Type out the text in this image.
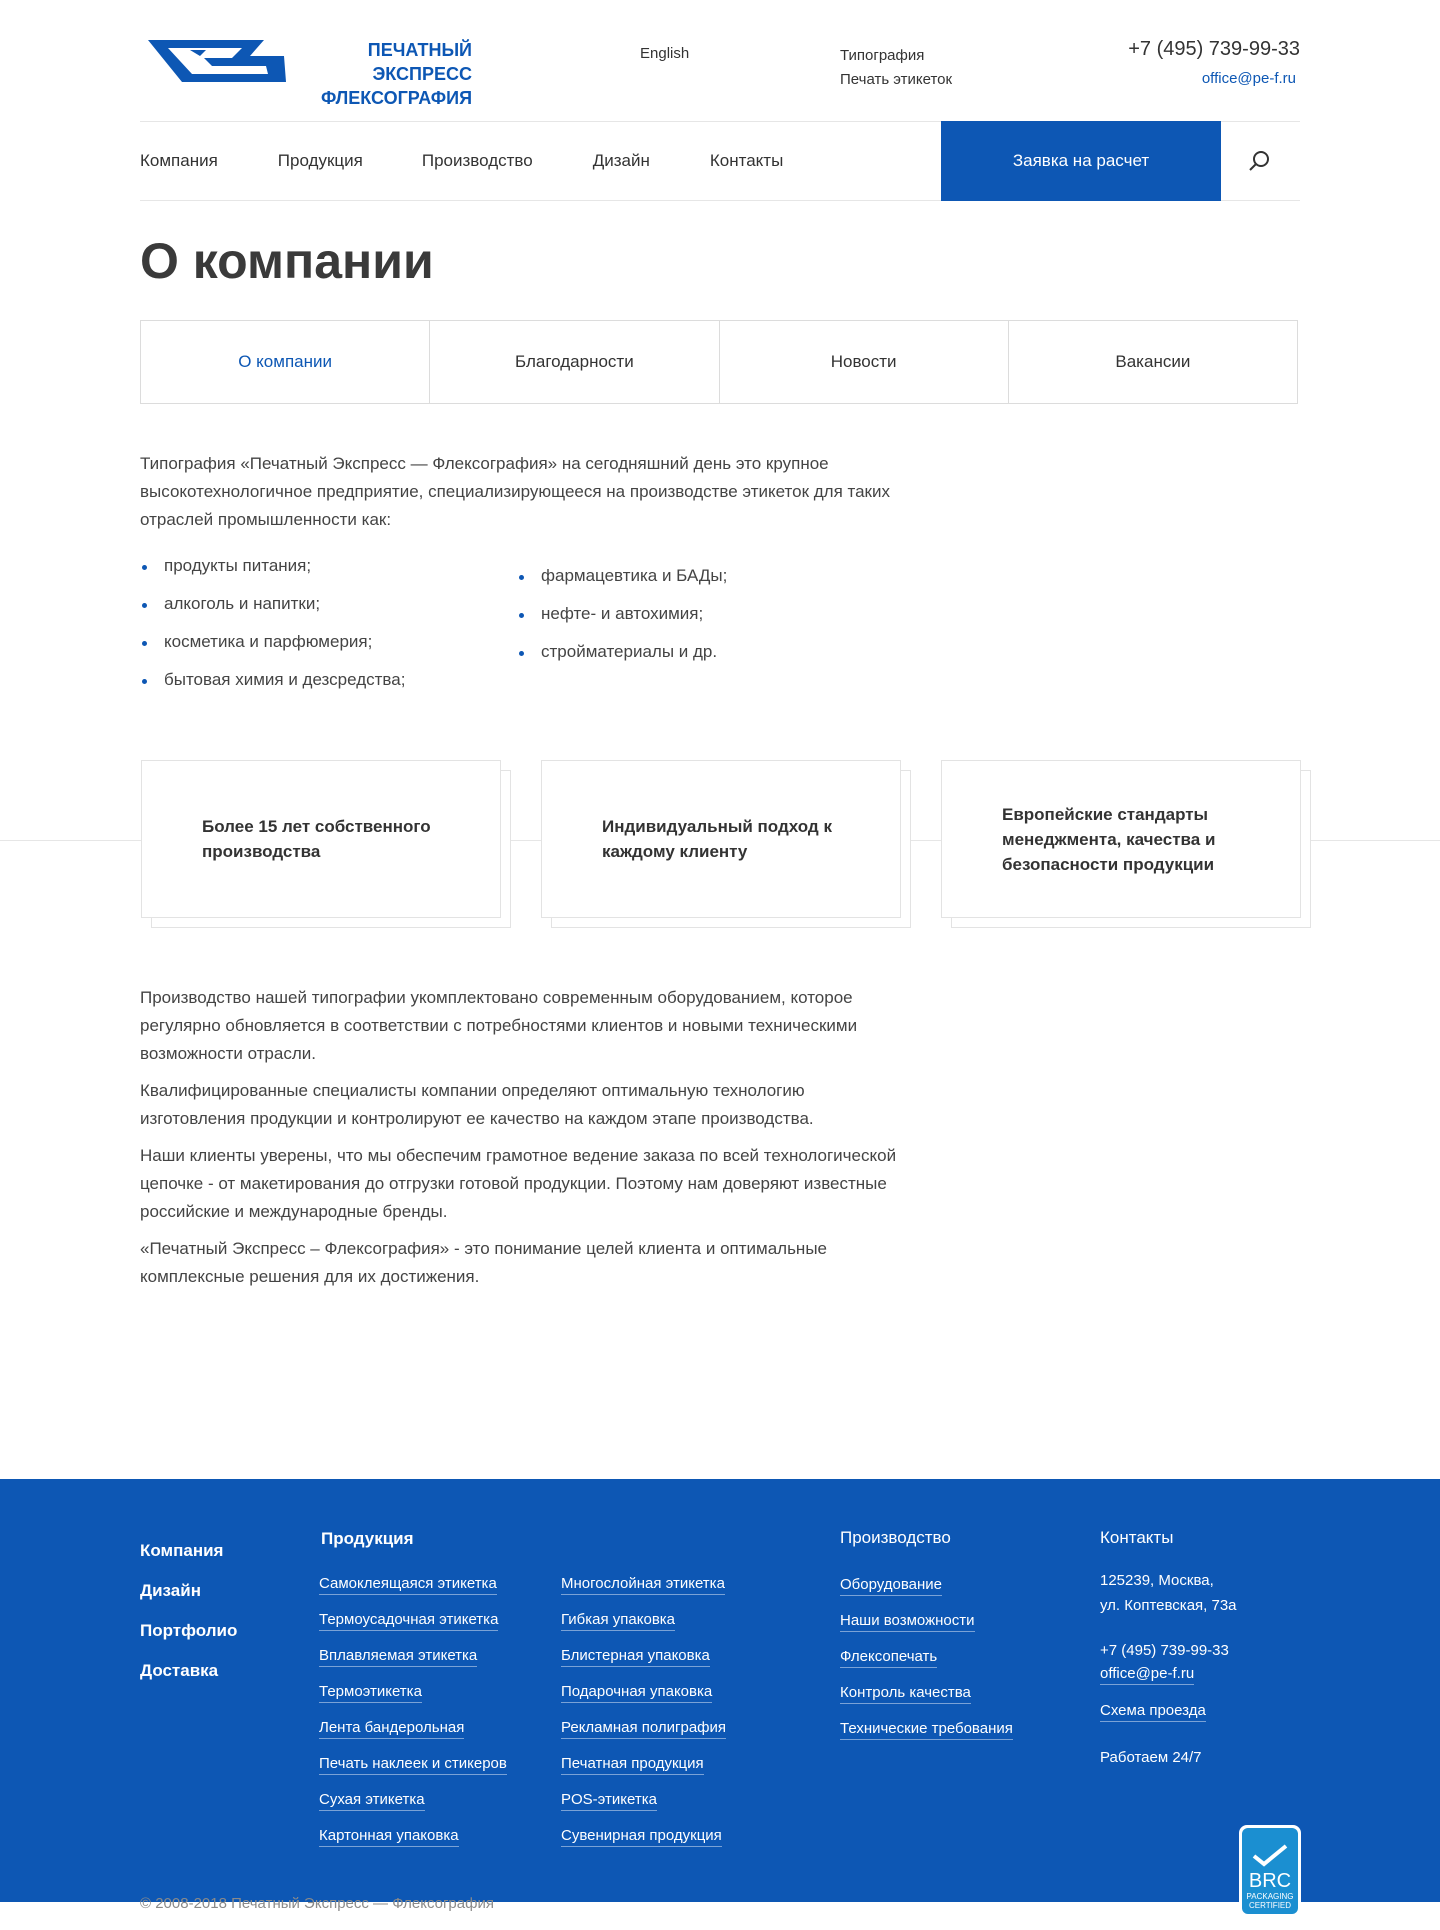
ПЕЧАТНЫЙ ЭКСПРЕСС
ФЛЕКСОГРАФИЯ
English	Типография
Печать этикеток
+7 (495) 739-99-33
office@pe-f.ru
Компания	Продукция	Производство	Дизайн	Контакты	Заявка на расчет
О компании
О компании	Благодарности	Новости	Вакансии

Типография «Печатный Экспресс — Флексография» на сегодняшний день это крупное высокотехнологичное предприятие, специализирующееся на производстве этикеток для таких отраслей промышленности как:

продукты питания;
алкоголь и напитки;
косметика и парфюмерия;
бытовая химия и дезсредства;
фармацевтика и БАДы;
нефте- и автохимия;
стройматериалы и др.
Более 15 лет собственного производства
Индивидуальный подход к каждому клиенту
Европейские стандарты менеджмента, качества и безопасности продукции

Производство нашей типографии укомплектовано современным оборудованием, которое регулярно обновляется в соответствии с потребностями клиентов и новыми техническими возможности отрасли.

Квалифицированные специалисты компании определяют оптимальную технологию изготовления продукции и контролируют ее качество на каждом этапе производства.

Наши клиенты уверены, что мы обеспечим грамотное ведение заказа по всей технологической цепочке - от макетирования до отгрузки готовой продукции. Поэтому нам доверяют известные российские и международные бренды.

«Печатный Экспресс – Флексография» - это понимание целей клиента и оптимальные комплексные решения для их достижения.

Компания
Дизайн
Портфолио
Доставка
Продукция
Самоклеящаяся этикетка
Термоусадочная этикетка
Вплавляемая этикетка
Термоэтикетка
Лента бандерольная
Печать наклеек и стикеров
Сухая этикетка
Картонная упаковка
Многослойная этикетка
Гибкая упаковка
Блистерная упаковка
Подарочная упаковка
Рекламная полиграфия
Печатная продукция
POS-этикетка
Сувенирная продукция
Производство
Оборудование
Наши возможности
Флексопечать
Контроль качества
Технические требования
Контакты
125239, Москва,
ул. Коптевская, 73а
+7 (495) 739-99-33
office@pe-f.ru
Схема проезда
Работаем 24/7
BRC
PACKAGING
CERTIFIED
© 2008-2018 Печатный Экспресс — Флексография
